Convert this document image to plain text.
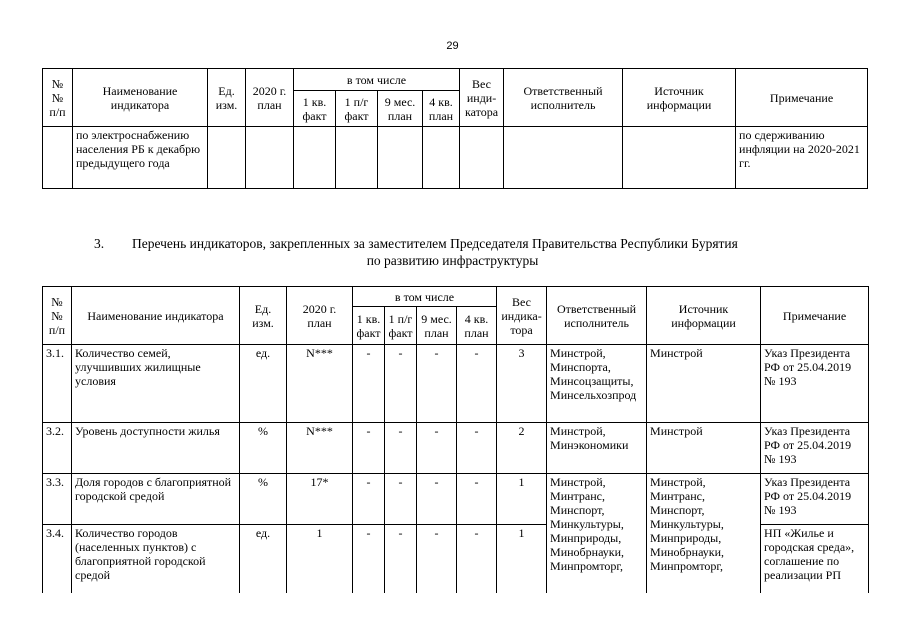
29
№
№
п/п	Наименование индикатора	Ед. изм.	2020 г. план	в том числе				Вес инди-катора	Ответственный исполнитель	Источник информации	Примечание
				1 кв. факт	1 п/г факт	9 мес. план	4 кв. план				
	по электроснабжению населения РБ к декабрю предыдущего года										по сдерживанию инфляции на 2020-2021 гг.
3. Перечень индикаторов, закрепленных за заместителем Председателя Правительства Республики Бурятия
по развитию инфраструктуры
№№ п/п	Наименование индикатора	Ед. изм.	2020 г. план	в том числе				Вес индика-тора	Ответственный исполнитель	Источник информации	Примечание
				1 кв. факт	1 п/г факт	9 мес. план	4 кв. план				
3.1.	Количество семей, улучшивших жилищные условия	ед.	N***	-	-	-	-	3	Минстрой, Минспорта, Минсоцзащиты, Минсельхозпрод	Минстрой	Указ Президента РФ от 25.04.2019 № 193
3.2.	Уровень доступности жилья	%	N***	-	-	-	-	2	Минстрой, Минэкономики	Минстрой	Указ Президента РФ от 25.04.2019 № 193
3.3.	Доля городов с благоприятной городской средой	%	17*	-	-	-	-	1	Минстрой, Минтранс, Минспорт, Минкультуры, Минприроды, Минобрнауки, Минпромторг,	Минстрой, Минтранс, Минспорт, Минкультуры, Минприроды, Минобрнауки, Минпромторг,	Указ Президента РФ от 25.04.2019 № 193
3.4.	Количество городов (населенных пунктов) с благоприятной городской средой	ед.	1	-	-	-	-	1			НП «Жилье и городская среда», соглашение по реализации РП
